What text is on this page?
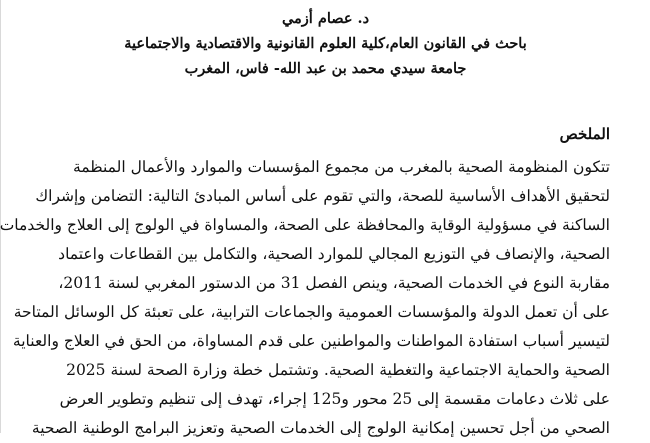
د. عصام أزمي
باحث في القانون العام،كلية العلوم القانونية والاقتصادية والاجتماعية
جامعة سيدي محمد بن عبد الله- فاس، المغرب
الملخص
تتكون المنظومة الصحية بالمغرب من مجموع المؤسسات والموارد والأعمال المنظمة
لتحقيق الأهداف الأساسية للصحة، والتي تقوم على أساس المبادئ التالية: التضامن وإشراك
الساكنة في مسؤولية الوقاية والمحافظة على الصحة، والمساواة في الولوج إلى العلاج والخدمات
الصحية، والإنصاف في التوزيع المجالي للموارد الصحية، والتكامل بين القطاعات واعتماد
مقاربة النوع في الخدمات الصحية، وينص الفصل 31 من الدستور المغربي لسنة 2011،
على أن تعمل الدولة والمؤسسات العمومية والجماعات الترابية، على تعبئة كل الوسائل المتاحة
لتيسير أسباب استفادة المواطنات والمواطنين على قدم المساواة، من الحق في العلاج والعناية
الصحية والحماية الاجتماعية والتغطية الصحية. وتشتمل خطة وزارة الصحة لسنة 2025
على ثلاث دعامات مقسمة إلى 25 محور و125 إجراء، تهدف إلى تنظيم وتطوير العرض
الصحي من أجل تحسين إمكانية الولوج إلى الخدمات الصحية وتعزيز البرامج الوطنية الصحية
